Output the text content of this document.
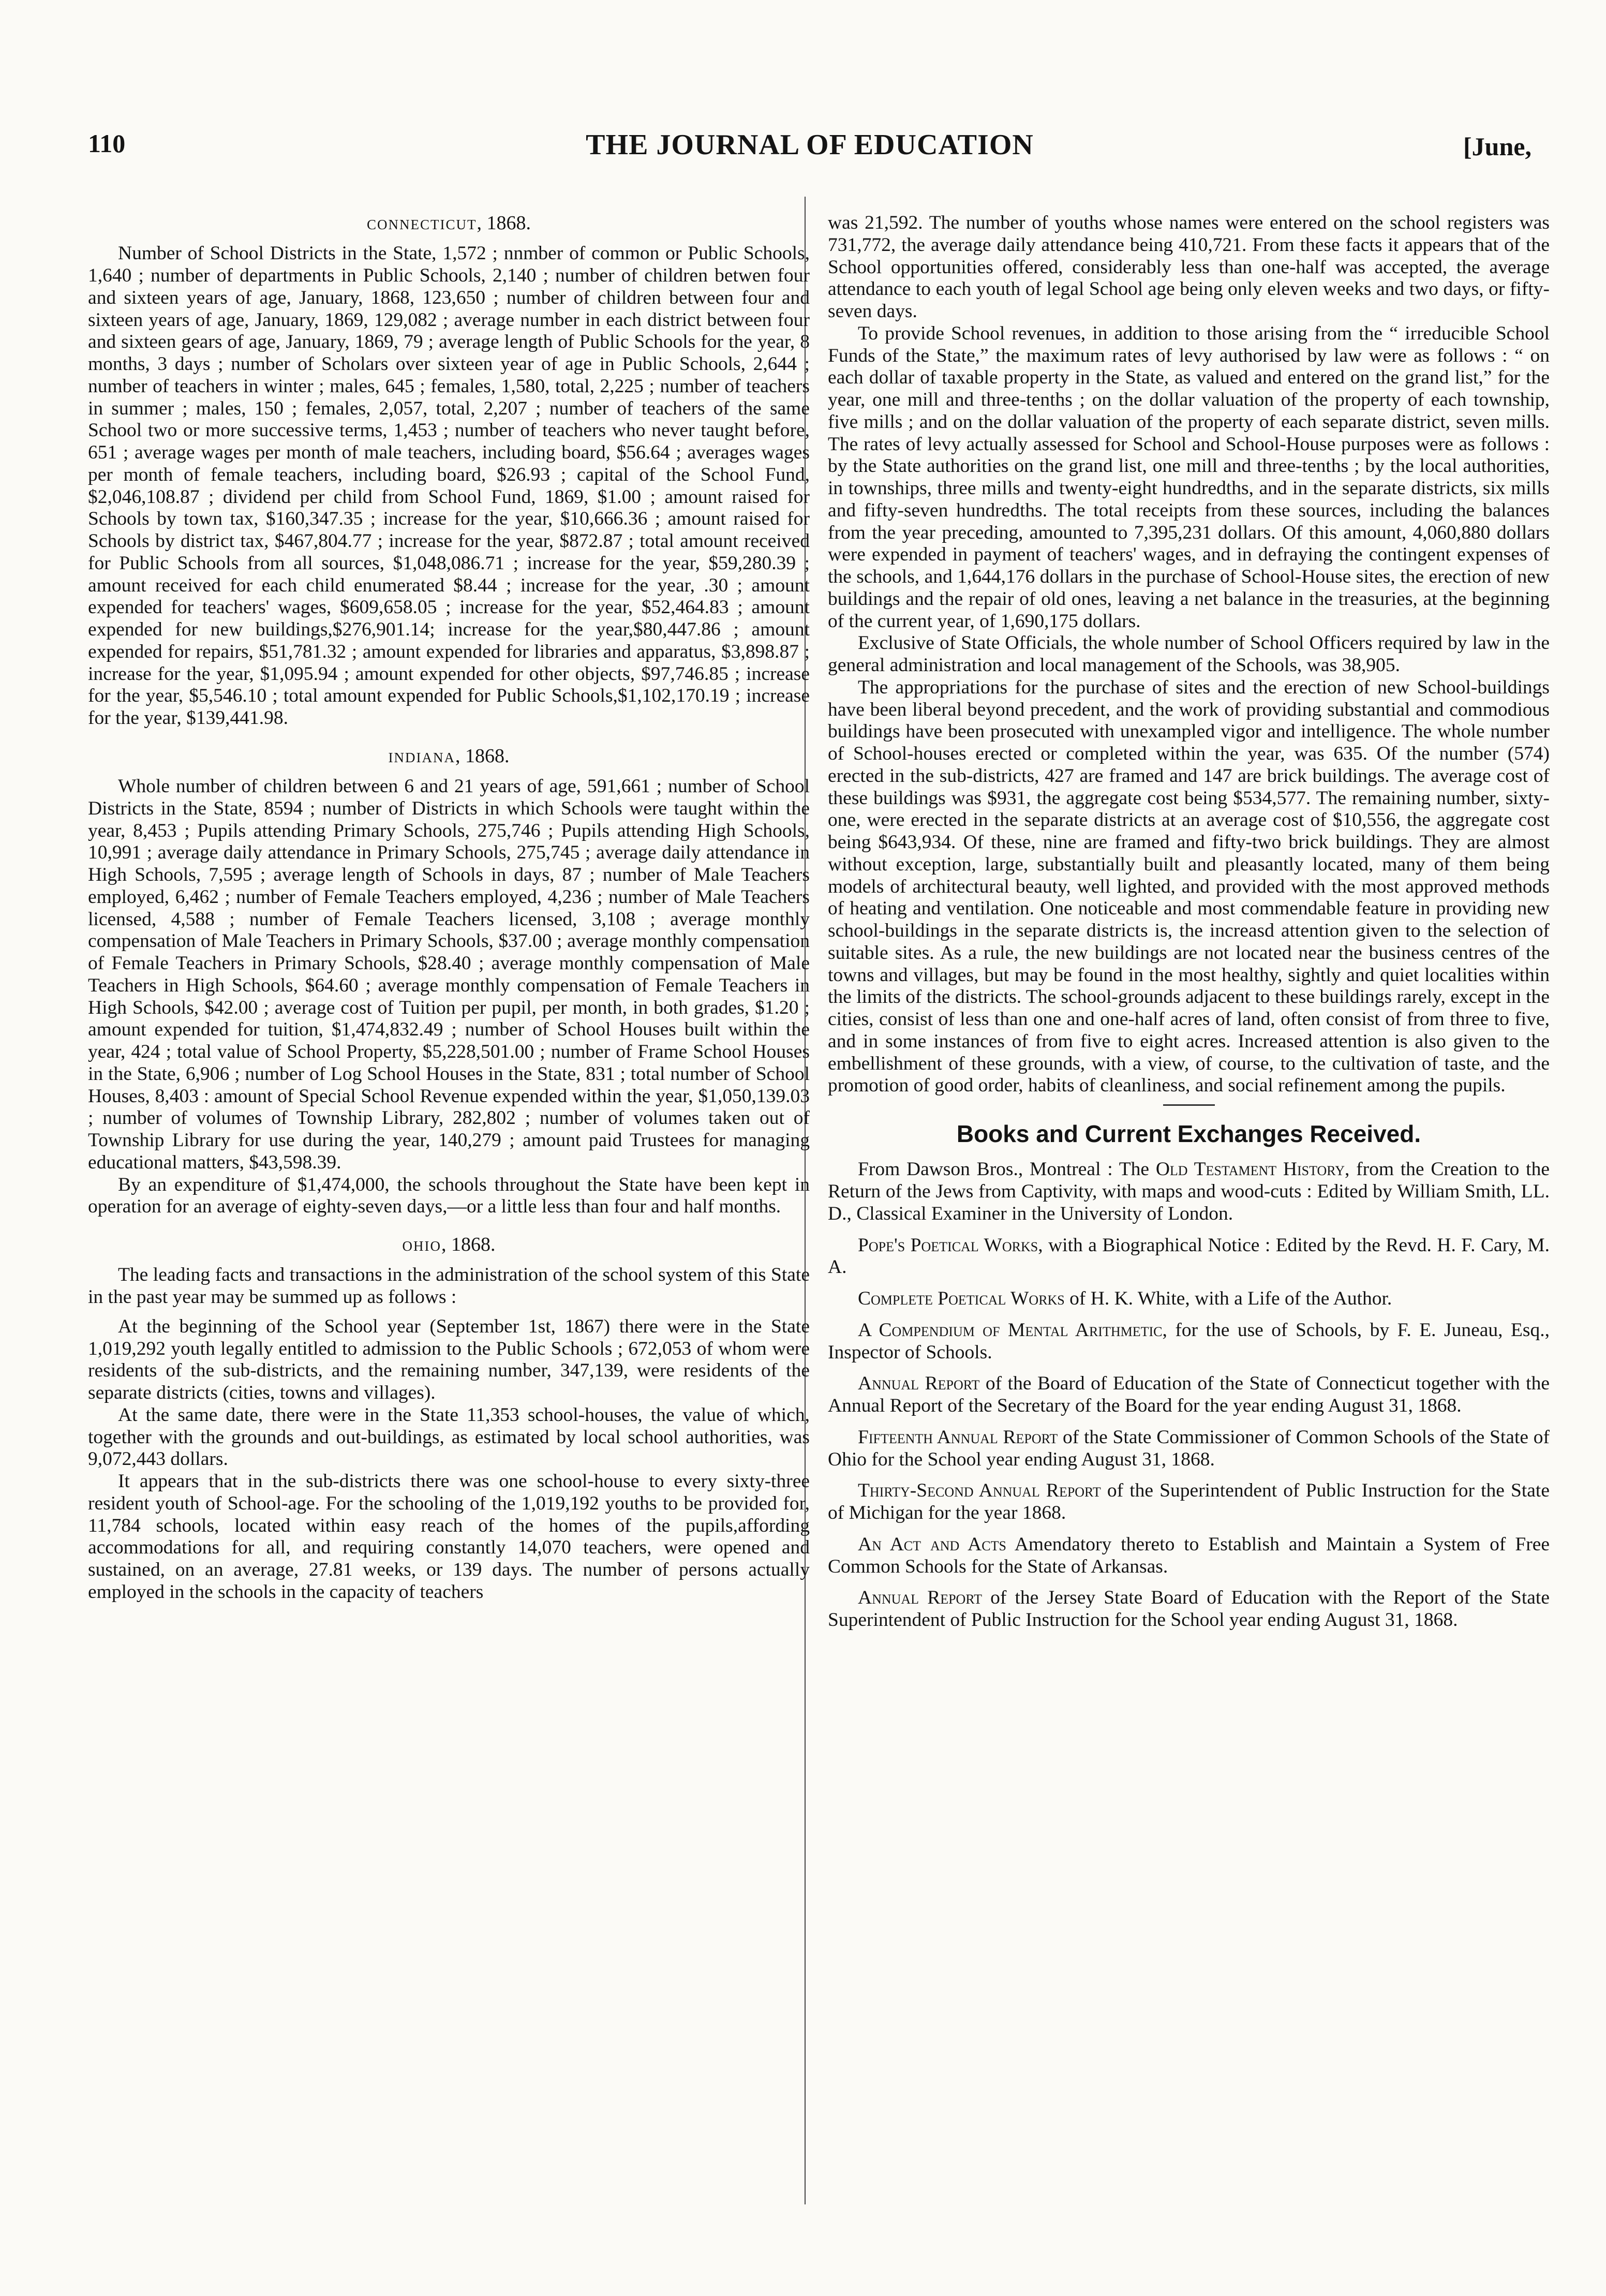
110	THE JOURNAL OF EDUCATION	[June,
connecticut, 1868.

Number of School Districts in the State, 1,572 ; nnmber of common or Public Schools, 1,640 ; number of departments in Public Schools, 2,140 ; number of children betwen four and sixteen years of age, January, 1868, 123,650 ; number of children between four and sixteen years of age, January, 1869, 129,082 ; average number in each district between four and sixteen gears of age, January, 1869, 79 ; average length of Public Schools for the year, 8 months, 3 days ; number of Scholars over sixteen year of age in Public Schools, 2,644 ; number of teachers in winter ; males, 645 ; females, 1,580, total, 2,225 ; number of teachers in summer ; males, 150 ; females, 2,057, total, 2,207 ; number of teachers of the same School two or more successive terms, 1,453 ; number of teachers who never taught before, 651 ; average wages per month of male teachers, including board, $56.64 ; averages wages per month of female teachers, including board, $26.93 ; capital of the School Fund, $2,046,108.87 ; dividend per child from School Fund, 1869, $1.00 ; amount raised for Schools by town tax, $160,347.35 ; increase for the year, $10,666.36 ; amount raised for Schools by district tax, $467,804.77 ; increase for the year, $872.87 ; total amount received for Public Schools from all sources, $1,048,086.71 ; increase for the year, $59,280.39 ; amount received for each child enumerated $8.44 ; increase for the year, .30 ; amount expended for teachers' wages, $609,658.05 ; increase for the year, $52,464.83 ; amount expended for new buildings,$276,901.14; increase for the year,$80,447.86 ; amount expended for repairs, $51,781.32 ; amount expended for libraries and apparatus, $3,898.87 ; increase for the year, $1,095.94 ; amount expended for other objects, $97,746.85 ; increase for the year, $5,546.10 ; total amount expended for Public Schools,$1,102,170.19 ; increase for the year, $139,441.98.

indiana, 1868.

Whole number of children between 6 and 21 years of age, 591,661 ; number of School Districts in the State, 8594 ; number of Districts in which Schools were taught within the year, 8,453 ; Pupils attending Primary Schools, 275,746 ; Pupils attending High Schools, 10,991 ; average daily attendance in Primary Schools, 275,745 ; average daily attendance in High Schools, 7,595 ; average length of Schools in days, 87 ; number of Male Teachers employed, 6,462 ; number of Female Teachers employed, 4,236 ; number of Male Teachers licensed, 4,588 ; number of Female Teachers licensed, 3,108 ; average monthly compensation of Male Teachers in Primary Schools, $37.00 ; average monthly compensation of Female Teachers in Primary Schools, $28.40 ; average monthly compensation of Male Teachers in High Schools, $64.60 ; average monthly compensation of Female Teachers in High Schools, $42.00 ; average cost of Tuition per pupil, per month, in both grades, $1.20 ; amount expended for tuition, $1,474,832.49 ; number of School Houses built within the year, 424 ; total value of School Property, $5,228,501.00 ; number of Frame School Houses in the State, 6,906 ; number of Log School Houses in the State, 831 ; total number of School Houses, 8,403 : amount of Special School Revenue expended within the year, $1,050,139.03 ; number of volumes of Township Library, 282,802 ; number of volumes taken out of Township Library for use during the year, 140,279 ; amount paid Trustees for managing educational matters, $43,598.39.

By an expenditure of $1,474,000, the schools throughout the State have been kept in operation for an average of eighty-seven days,—or a little less than four and half months.

ohio, 1868.

The leading facts and transactions in the administration of the school system of this State in the past year may be summed up as follows :

At the beginning of the School year (September 1st, 1867) there were in the State 1,019,292 youth legally entitled to admission to the Public Schools ; 672,053 of whom were residents of the sub-districts, and the remaining number, 347,139, were residents of the separate districts (cities, towns and villages).

At the same date, there were in the State 11,353 school-houses, the value of which, together with the grounds and out-buildings, as estimated by local school authorities, was 9,072,443 dollars.

It appears that in the sub-districts there was one school-house to every sixty-three resident youth of School-age. For the schooling of the 1,019,192 youths to be provided for, 11,784 schools, located within easy reach of the homes of the pupils,affording accommodations for all, and requiring constantly 14,070 teachers, were opened and sustained, on an average, 27.81 weeks, or 139 days. The number of persons actually employed in the schools in the capacity of teachers

was 21,592. The number of youths whose names were entered on the school registers was 731,772, the average daily attendance being 410,721. From these facts it appears that of the School opportunities offered, considerably less than one-half was accepted, the average attendance to each youth of legal School age being only eleven weeks and two days, or fifty-seven days.

To provide School revenues, in addition to those arising from the “ irreducible School Funds of the State,” the maximum rates of levy authorised by law were as follows : “ on each dollar of taxable property in the State, as valued and entered on the grand list,” for the year, one mill and three-tenths ; on the dollar valuation of the property of each township, five mills ; and on the dollar valuation of the property of each separate district, seven mills. The rates of levy actually assessed for School and School-House purposes were as follows : by the State authorities on the grand list, one mill and three-tenths ; by the local authorities, in townships, three mills and twenty-eight hundredths, and in the separate districts, six mills and fifty-seven hundredths. The total receipts from these sources, including the balances from the year preceding, amounted to 7,395,231 dollars. Of this amount, 4,060,880 dollars were expended in payment of teachers' wages, and in defraying the contingent expenses of the schools, and 1,644,176 dollars in the purchase of School-House sites, the erection of new buildings and the repair of old ones, leaving a net balance in the treasuries, at the beginning of the current year, of 1,690,175 dollars.

Exclusive of State Officials, the whole number of School Officers required by law in the general administration and local management of the Schools, was 38,905.

The appropriations for the purchase of sites and the erection of new School-buildings have been liberal beyond precedent, and the work of providing substantial and commodious buildings have been prosecuted with unexampled vigor and intelligence. The whole number of School-houses erected or completed within the year, was 635. Of the number (574) erected in the sub-districts, 427 are framed and 147 are brick buildings. The average cost of these buildings was $931, the aggregate cost being $534,577. The remaining number, sixty-one, were erected in the separate districts at an average cost of $10,556, the aggregate cost being $643,934. Of these, nine are framed and fifty-two brick buildings. They are almost without exception, large, substantially built and pleasantly located, many of them being models of architectural beauty, well lighted, and provided with the most approved methods of heating and ventilation. One noticeable and most commendable feature in providing new school-buildings in the separate districts is, the increasd attention given to the selection of suitable sites. As a rule, the new buildings are not located near the business centres of the towns and villages, but may be found in the most healthy, sightly and quiet localities within the limits of the districts. The school-grounds adjacent to these buildings rarely, except in the cities, consist of less than one and one-half acres of land, often consist of from three to five, and in some instances of from five to eight acres. Increased attention is also given to the embellishment of these grounds, with a view, of course, to the cultivation of taste, and the promotion of good order, habits of cleanliness, and social refinement among the pupils.

Books and Current Exchanges Received.

From Dawson Bros., Montreal : The Old Testament History, from the Creation to the Return of the Jews from Captivity, with maps and wood-cuts : Edited by William Smith, LL. D., Classical Examiner in the University of London.

Pope's Poetical Works, with a Biographical Notice : Edited by the Revd. H. F. Cary, M. A.

Complete Poetical Works of H. K. White, with a Life of the Author.

A Compendium of Mental Arithmetic, for the use of Schools, by F. E. Juneau, Esq., Inspector of Schools.

Annual Report of the Board of Education of the State of Connecticut together with the Annual Report of the Secretary of the Board for the year ending August 31, 1868.

Fifteenth Annual Report of the State Commissioner of Common Schools of the State of Ohio for the School year ending August 31, 1868.

Thirty-Second Annual Report of the Superintendent of Public Instruction for the State of Michigan for the year 1868.

An Act and Acts Amendatory thereto to Establish and Maintain a System of Free Common Schools for the State of Arkansas.

Annual Report of the Jersey State Board of Education with the Report of the State Superintendent of Public Instruction for the School year ending August 31, 1868.
